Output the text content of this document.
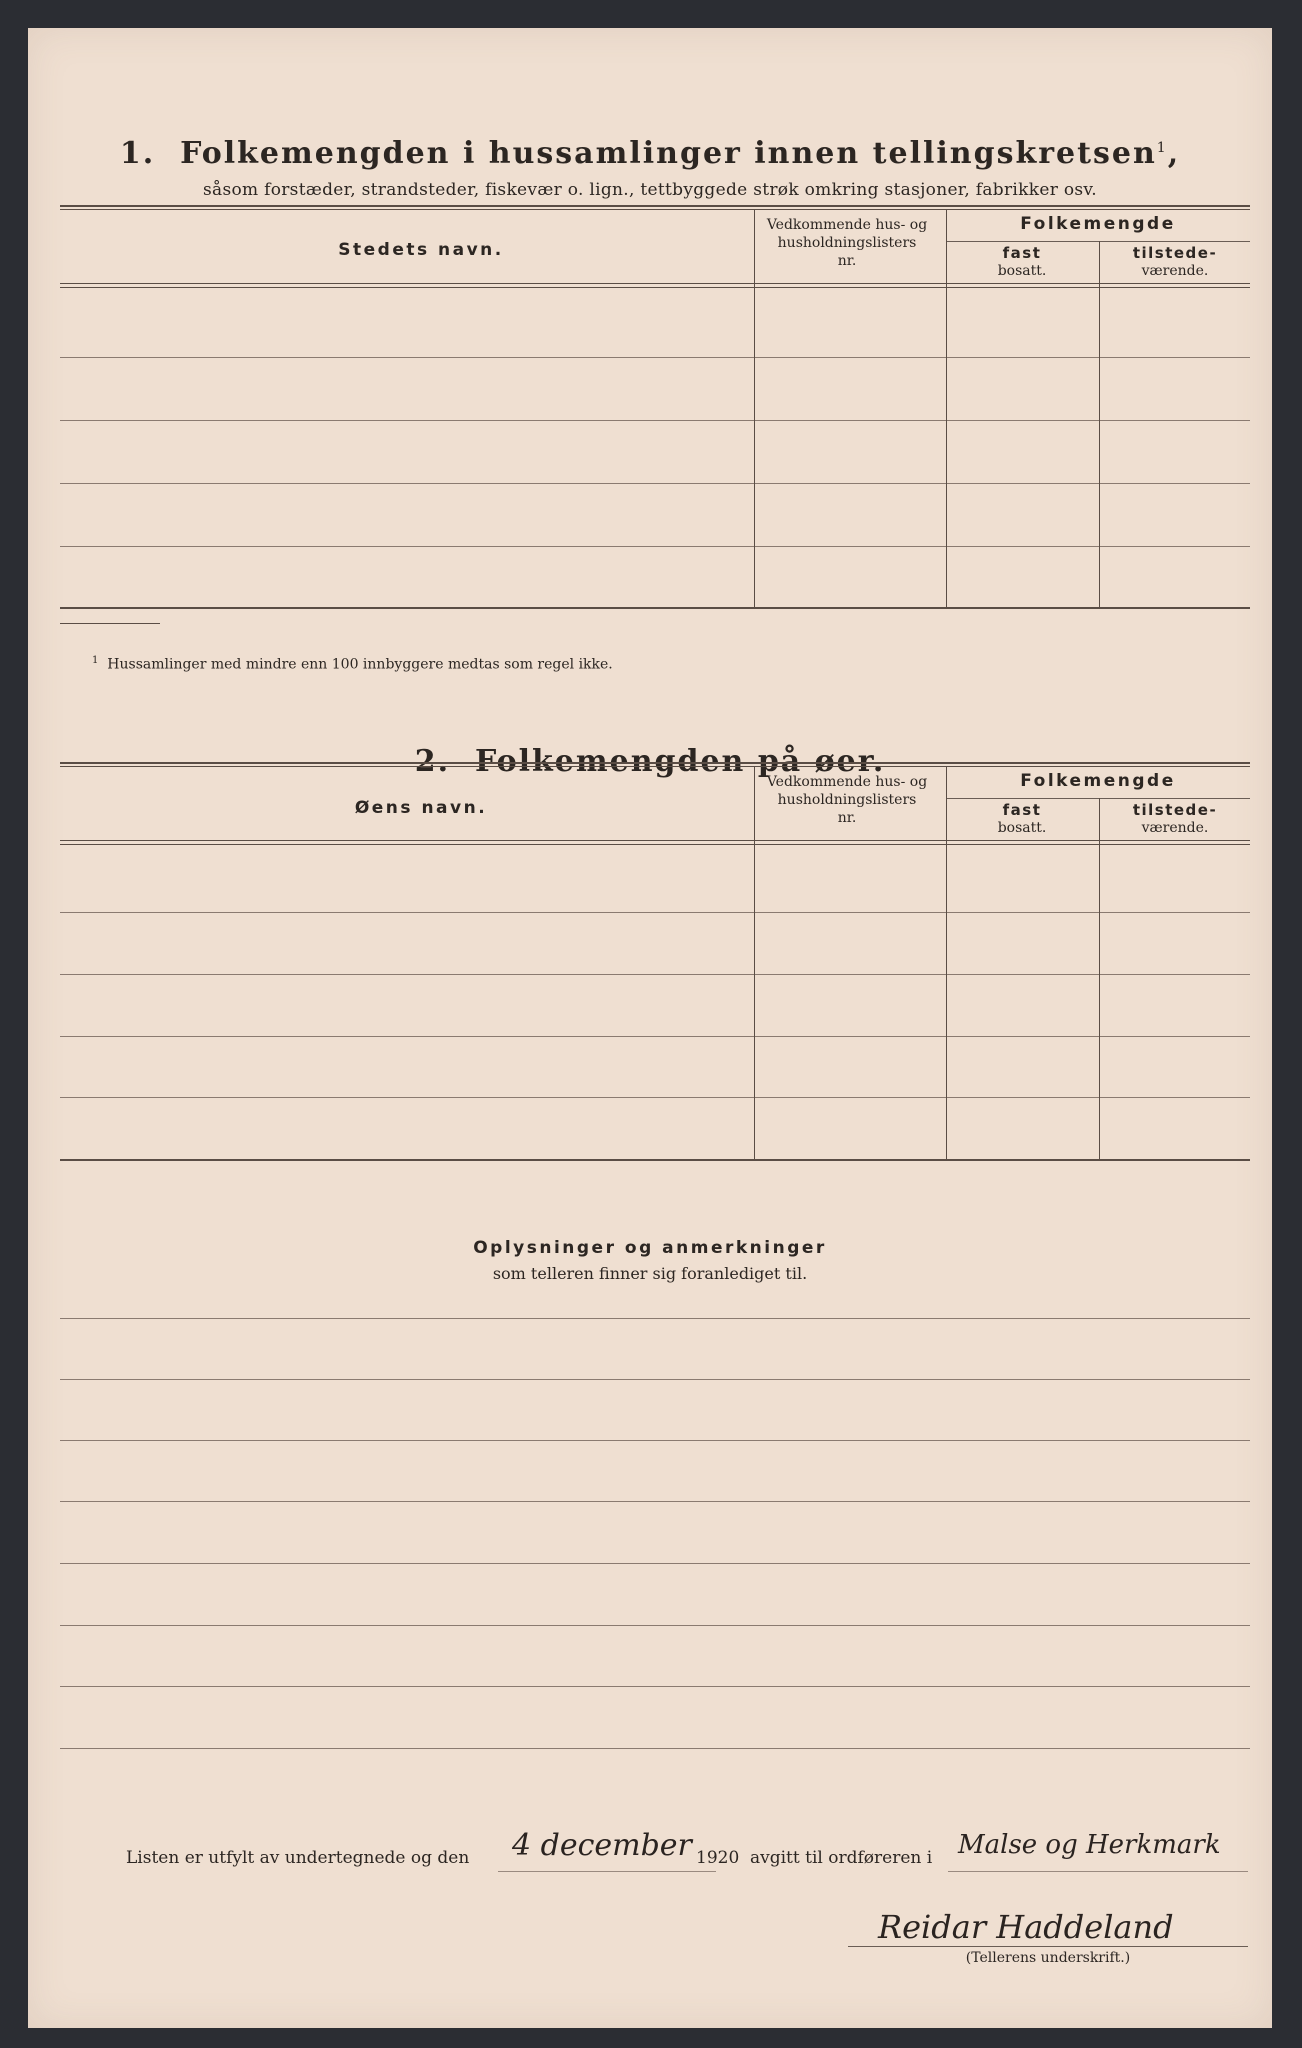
1. Folkemengden i hussamlinger innen tellingskretsen$^1$,
såsom forstæder, strandsteder, fiskevær o. lign., tettbyggede strøk omkring stasjoner, fabrikker osv.
Stedets navn.
Vedkommende hus- og
husholdningslisters
nr.
Folkemengde
fast
bosatt.
tilstede-
værende.
$^1$ Hussamlinger med mindre enn 100 innbyggere medtas som regel ikke.

Øens navn.
Vedkommende hus- og
husholdningslisters
nr.
Folkemengde
fast
bosatt.
tilstede-
værende.
Oplysninger og anmerkninger
som telleren finner sig foranlediget til.
Listen er utfylt av undertegnede og den 4 december 1920 avgitt til ordføreren i Malse og Herkmark
Reidar Haddeland
(Tellerens underskrift.)
